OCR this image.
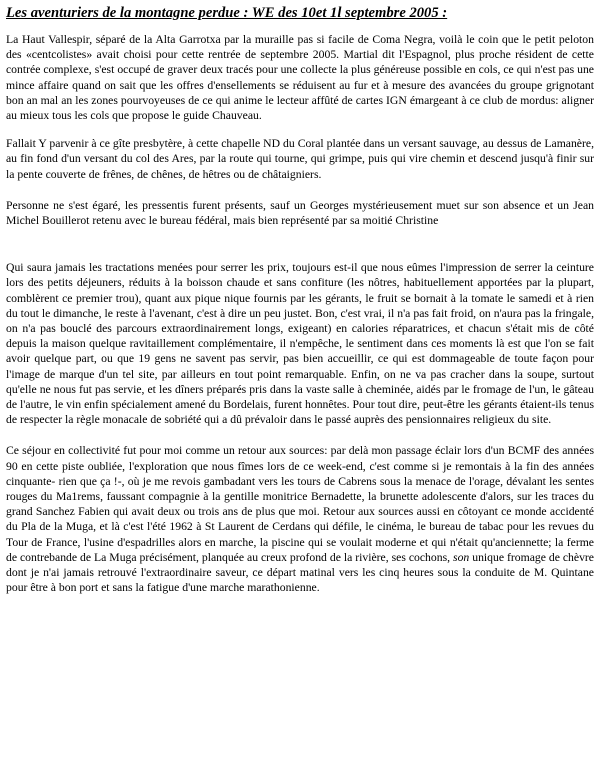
Les aventuriers de la montagne perdue : WE des 10et 1l septembre 2005 :

La Haut Vallespir, séparé de la Alta Garrotxa par la muraille pas si facile de Coma Negra, voilà le coin que le petit peloton des «centcolistes» avait choisi pour cette rentrée de septembre 2005. Martial dit l'Espagnol, plus proche résident de cette contrée complexe, s'est occupé de graver deux tracés pour une collecte la plus généreuse possible en cols, ce qui n'est pas une mince affaire quand on sait que les offres d'ensellements se réduisent au fur et à mesure des avancées du groupe grignotant bon an mal an les zones pourvoyeuses de ce qui anime le lecteur affûté de cartes IGN émargeant à ce club de mordus: aligner au mieux tous les cols que propose le guide Chauveau.

Fallait Y parvenir à ce gîte presbytère, à cette chapelle ND du Coral plantée dans un versant sauvage, au dessus de Lamanère, au fin fond d'un versant du col des Ares, par la route qui tourne, qui grimpe, puis qui vire chemin et descend jusqu'à finir sur la pente couverte de frênes, de chênes, de hêtres ou de châtaigniers.

Personne ne s'est égaré, les pressentis furent présents, sauf un Georges mystérieusement muet sur son absence et un Jean Michel Bouillerot retenu avec le bureau fédéral, mais bien représenté par sa moitié Christine

Qui saura jamais les tractations menées pour serrer les prix, toujours est-il que nous eûmes l'impression de serrer la ceinture lors des petits déjeuners, réduits à la boisson chaude et sans confiture (les nôtres, habituellement apportées par la plupart, comblèrent ce premier trou), quant aux pique nique fournis par les gérants, le fruit se bornait à la tomate le samedi et à rien du tout le dimanche, le reste à l'avenant, c'est à dire un peu justet. Bon, c'est vrai, il n'a pas fait froid, on n'aura pas la fringale, on n'a pas bouclé des parcours extraordinairement longs, exigeant) en calories réparatrices, et chacun s'était mis de côté depuis la maison quelque ravitaillement complémentaire, il n'empêche, le sentiment dans ces moments là est que l'on se fait avoir quelque part, ou que 19 gens ne savent pas servir, pas bien accueillir, ce qui est dommageable de toute façon pour l'image de marque d'un tel site, par ailleurs en tout point remarquable. Enfin, on ne va pas cracher dans la soupe, surtout qu'elle ne nous fut pas servie, et les dîners préparés pris dans la vaste salle à cheminée, aidés par le fromage de l'un, le gâteau de l'autre, le vin enfin spécialement amené du Bordelais, furent honnêtes. Pour tout dire, peut-être les gérants étaient-ils tenus de respecter la règle monacale de sobriété qui a dû prévaloir dans le passé auprès des pensionnaires religieux du site.

Ce séjour en collectivité fut pour moi comme un retour aux sources: par delà mon passage éclair lors d'un BCMF des années 90 en cette piste oubliée, l'exploration que nous fîmes lors de ce week-end, c'est comme si je remontais à la fin des années cinquante- rien que ça !-, où je me revois gambadant vers les tours de Cabrens sous la menace de l'orage, dévalant les sentes rouges du Ma1rems, faussant compagnie à la gentille monitrice Bernadette, la brunette adolescente d'alors, sur les traces du grand Sanchez Fabien qui avait deux ou trois ans de plus que moi. Retour aux sources aussi en côtoyant ce monde accidenté du Pla de la Muga, et là c'est l'été 1962 à St Laurent de Cerdans qui défile, le cinéma, le bureau de tabac pour les revues du Tour de France, l'usine d'espadrilles alors en marche, la piscine qui se voulait moderne et qui n'était qu'anciennette; la ferme de contrebande de La Muga précisément, planquée au creux profond de la rivière, ses cochons, son unique fromage de chèvre dont je n'ai jamais retrouvé l'extraordinaire saveur, ce départ matinal vers les cinq heures sous la conduite de M. Quintane pour être à bon port et sans la fatigue d'une marche marathonienne.
